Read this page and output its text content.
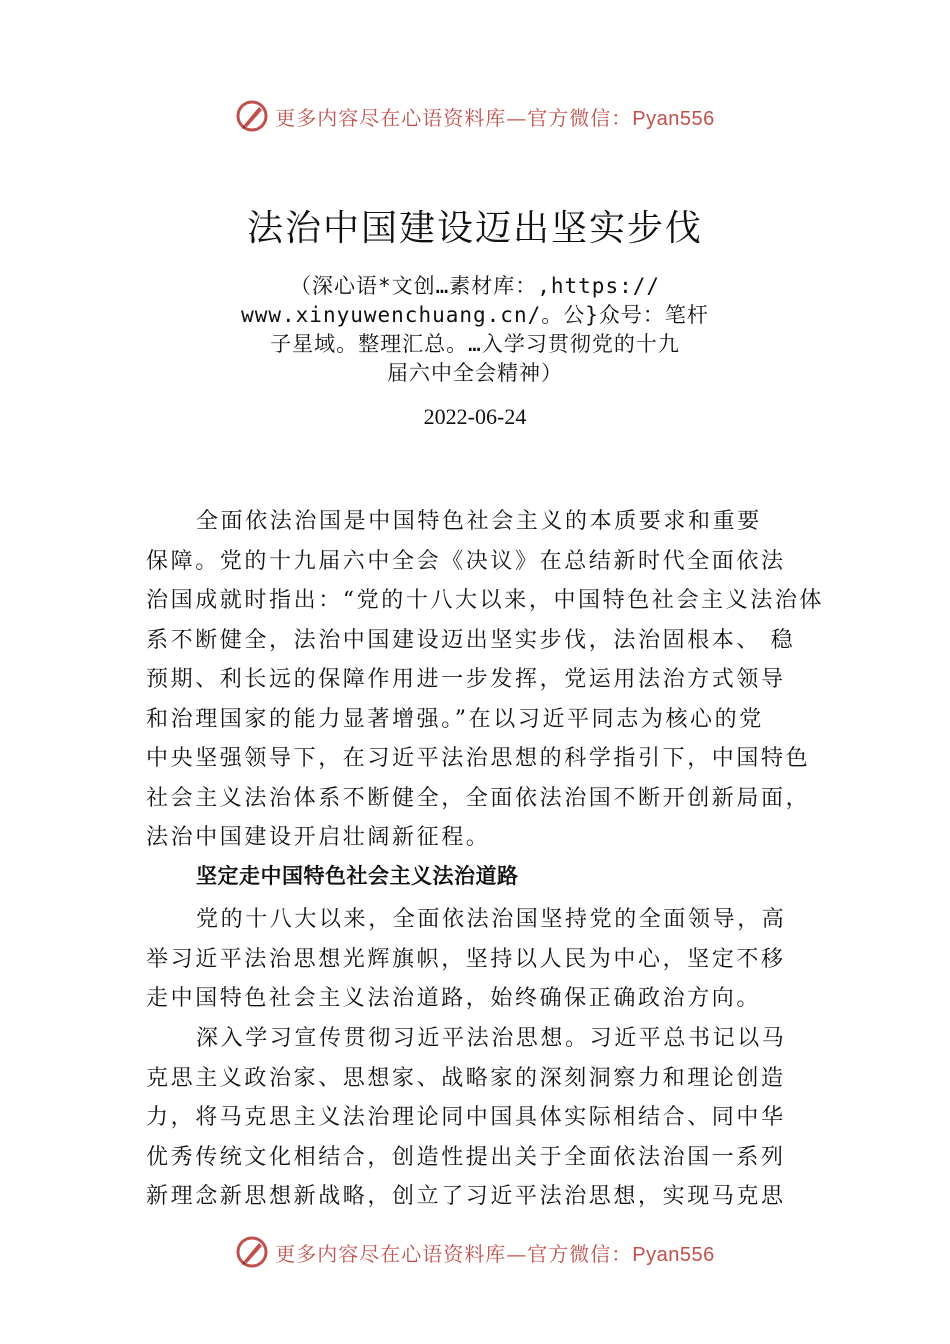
更多内容尽在心语资料库—官方微信：Pyan556
法治中国建设迈出坚实步伐
（深心语*文创…素材库：,https://
www.xinyuwenchuang.cn/。公}众号：笔杆
子星域。整理汇总。…入学习贯彻党的十九
届六中全会精神）
2022-06-24
全面依法治国是中国特色社会主义的本质要求和重要
保障。党的十九届六中全会《决议》在总结新时代全面依法
治国成就时指出：“党的十八大以来，中国特色社会主义法治体
系不断健全，法治中国建设迈出坚实步伐，法治固根本、 稳
预期、利长远的保障作用进一步发挥，党运用法治方式领导
和治理国家的能力显著增强。”在以习近平同志为核心的党
中央坚强领导下，在习近平法治思想的科学指引下，中国特色
社会主义法治体系不断健全，全面依法治国不断开创新局面，
法治中国建设开启壮阔新征程。
坚定走中国特色社会主义法治道路
党的十八大以来，全面依法治国坚持党的全面领导，高
举习近平法治思想光辉旗帜，坚持以人民为中心，坚定不移
走中国特色社会主义法治道路，始终确保正确政治方向。
深入学习宣传贯彻习近平法治思想。习近平总书记以马
克思主义政治家、思想家、战略家的深刻洞察力和理论创造
力，将马克思主义法治理论同中国具体实际相结合、同中华
优秀传统文化相结合，创造性提出关于全面依法治国一系列
新理念新思想新战略，创立了习近平法治思想，实现马克思
更多内容尽在心语资料库—官方微信：Pyan556
